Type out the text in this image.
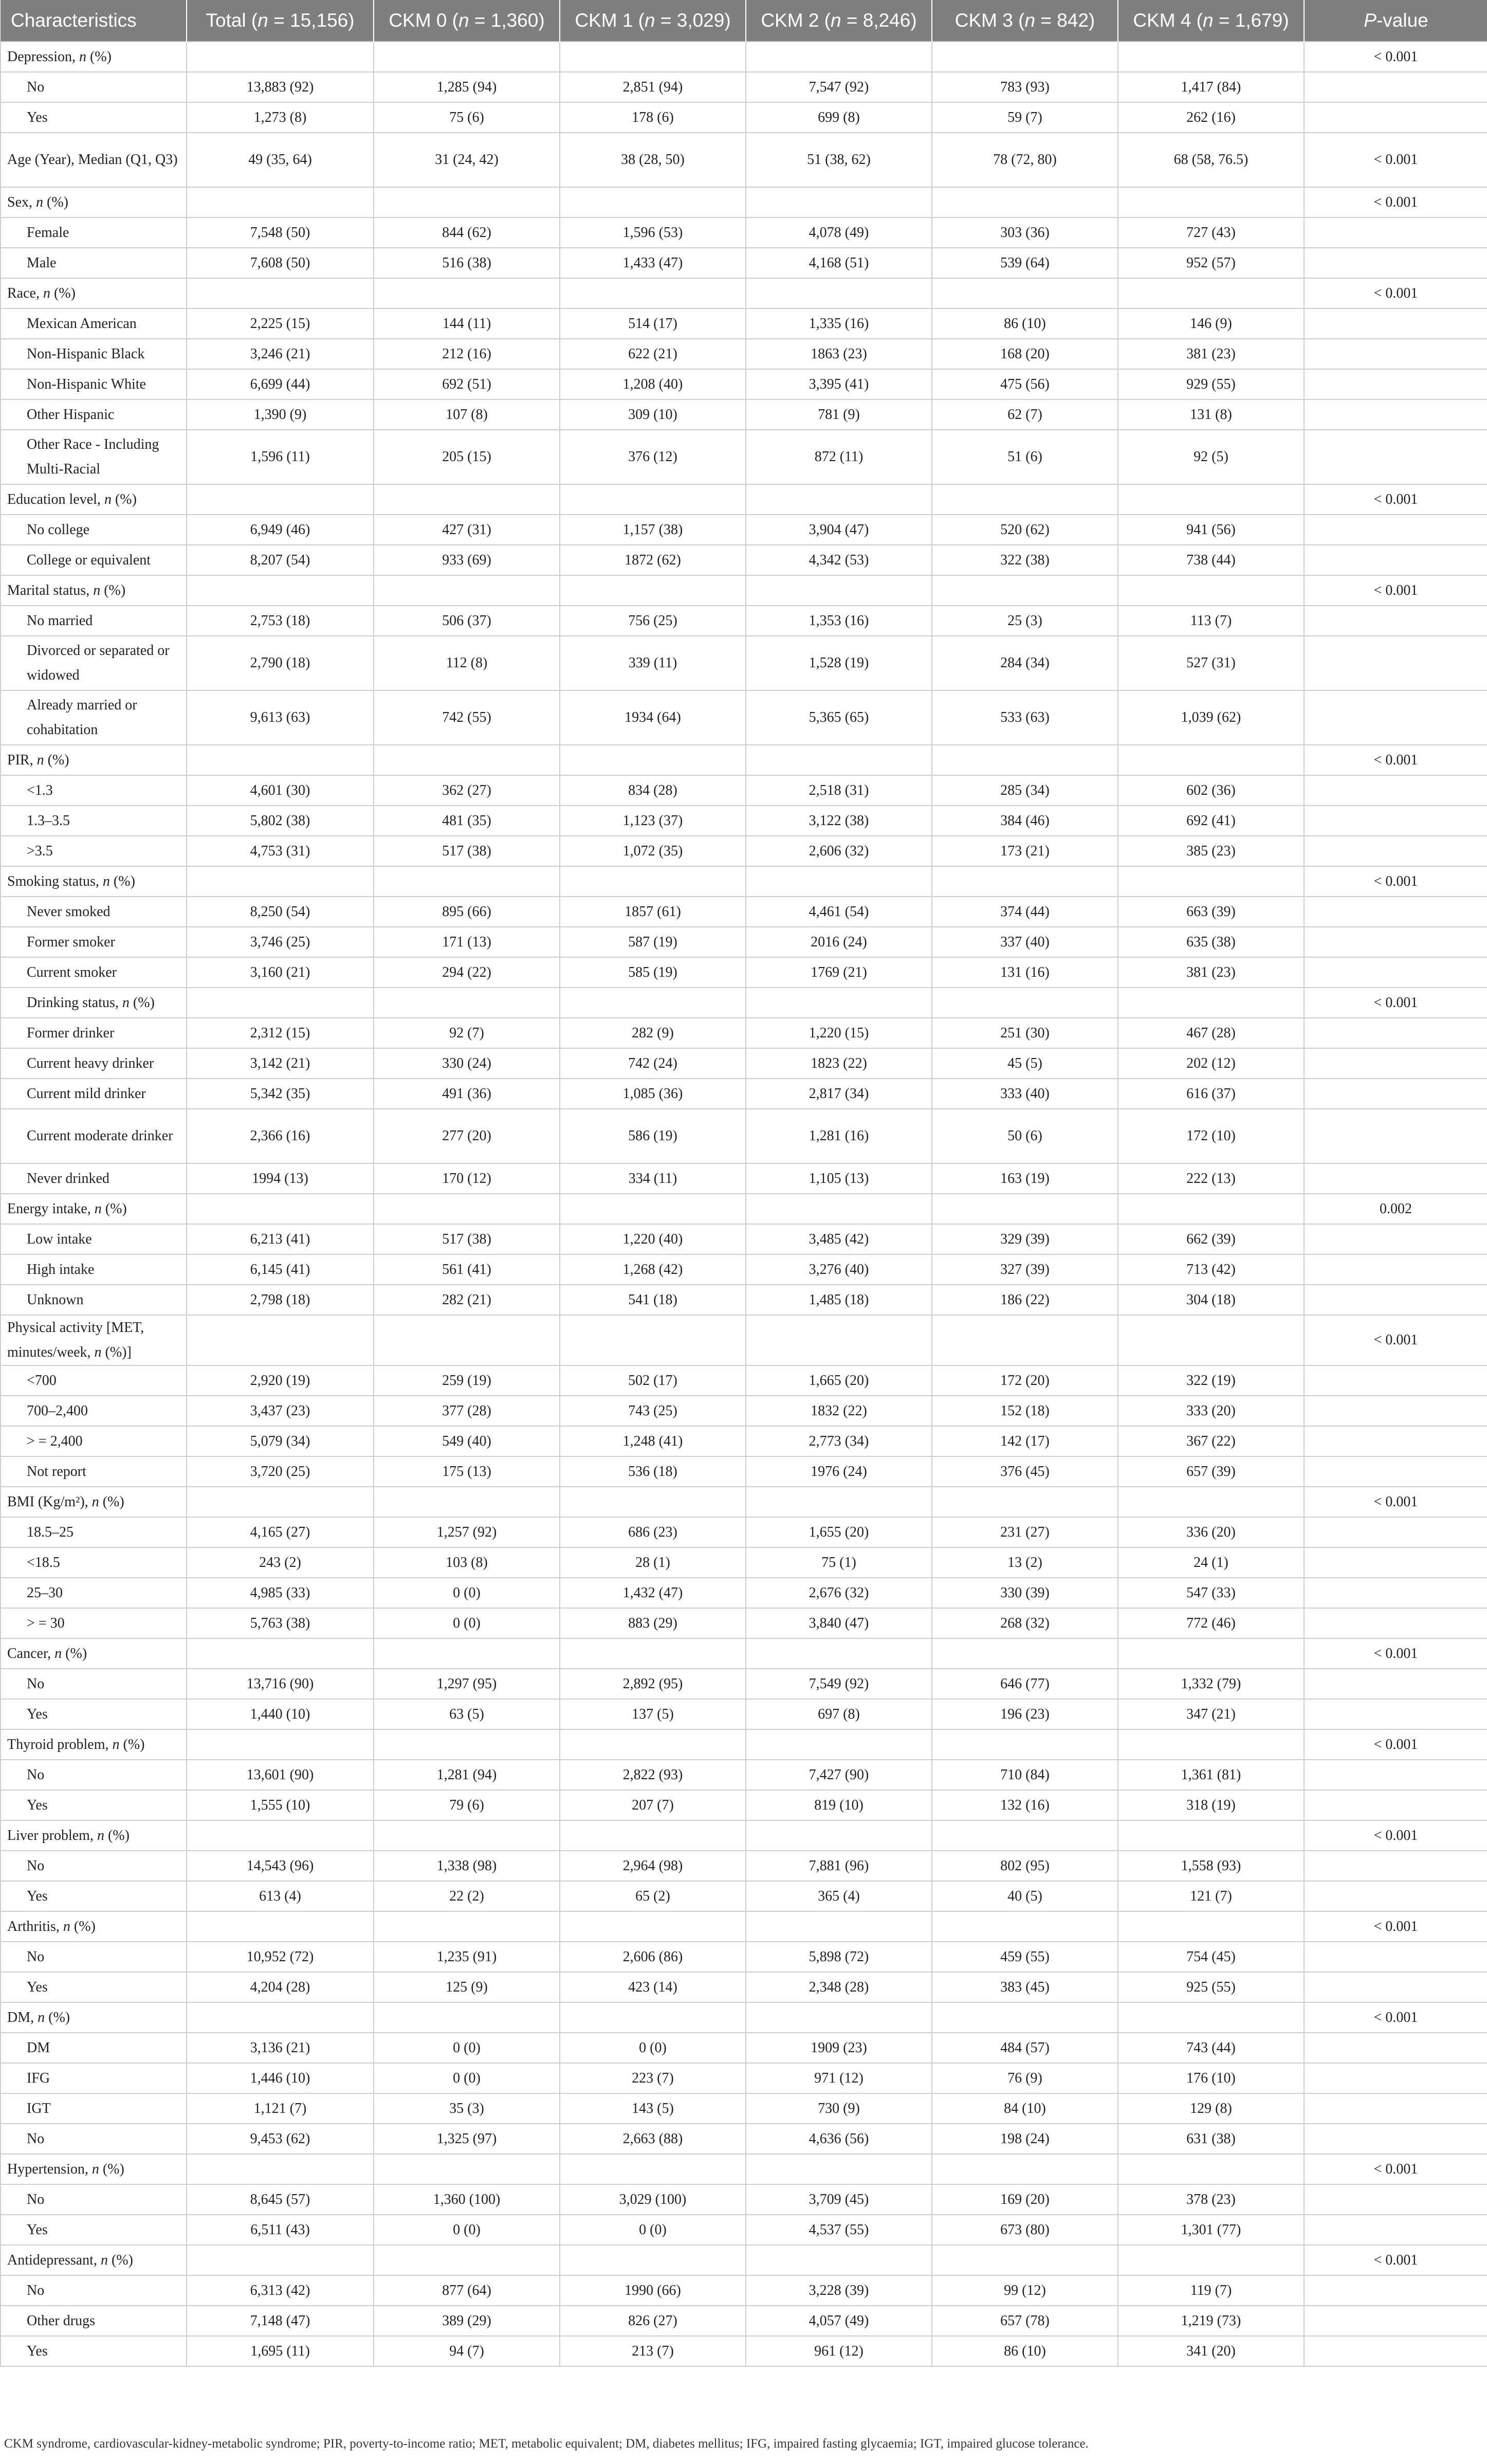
Characteristics	Total (n = 15,156)	CKM 0 (n = 1,360)	CKM 1 (n = 3,029)	CKM 2 (n = 8,246)	CKM 3 (n = 842)	CKM 4 (n = 1,679)	P-value
Depression, n (%)							< 0.001
No	13,883 (92)	1,285 (94)	2,851 (94)	7,547 (92)	783 (93)	1,417 (84)	
Yes	1,273 (8)	75 (6)	178 (6)	699 (8)	59 (7)	262 (16)	
Age (Year), Median (Q1, Q3)	49 (35, 64)	31 (24, 42)	38 (28, 50)	51 (38, 62)	78 (72, 80)	68 (58, 76.5)	< 0.001
Sex, n (%)							< 0.001
Female	7,548 (50)	844 (62)	1,596 (53)	4,078 (49)	303 (36)	727 (43)	
Male	7,608 (50)	516 (38)	1,433 (47)	4,168 (51)	539 (64)	952 (57)	
Race, n (%)							< 0.001
Mexican American	2,225 (15)	144 (11)	514 (17)	1,335 (16)	86 (10)	146 (9)	
Non-Hispanic Black	3,246 (21)	212 (16)	622 (21)	1863 (23)	168 (20)	381 (23)	
Non-Hispanic White	6,699 (44)	692 (51)	1,208 (40)	3,395 (41)	475 (56)	929 (55)	
Other Hispanic	1,390 (9)	107 (8)	309 (10)	781 (9)	62 (7)	131 (8)	
Other Race - Including Multi-Racial	1,596 (11)	205 (15)	376 (12)	872 (11)	51 (6)	92 (5)	
Education level, n (%)							< 0.001
No college	6,949 (46)	427 (31)	1,157 (38)	3,904 (47)	520 (62)	941 (56)	
College or equivalent	8,207 (54)	933 (69)	1872 (62)	4,342 (53)	322 (38)	738 (44)	
Marital status, n (%)							< 0.001
No married	2,753 (18)	506 (37)	756 (25)	1,353 (16)	25 (3)	113 (7)	
Divorced or separated or widowed	2,790 (18)	112 (8)	339 (11)	1,528 (19)	284 (34)	527 (31)	
Already married or cohabitation	9,613 (63)	742 (55)	1934 (64)	5,365 (65)	533 (63)	1,039 (62)	
PIR, n (%)							< 0.001
<1.3	4,601 (30)	362 (27)	834 (28)	2,518 (31)	285 (34)	602 (36)	
1.3–3.5	5,802 (38)	481 (35)	1,123 (37)	3,122 (38)	384 (46)	692 (41)	
>3.5	4,753 (31)	517 (38)	1,072 (35)	2,606 (32)	173 (21)	385 (23)	
Smoking status, n (%)							< 0.001
Never smoked	8,250 (54)	895 (66)	1857 (61)	4,461 (54)	374 (44)	663 (39)	
Former smoker	3,746 (25)	171 (13)	587 (19)	2016 (24)	337 (40)	635 (38)	
Current smoker	3,160 (21)	294 (22)	585 (19)	1769 (21)	131 (16)	381 (23)	
Drinking status, n (%)							< 0.001
Former drinker	2,312 (15)	92 (7)	282 (9)	1,220 (15)	251 (30)	467 (28)	
Current heavy drinker	3,142 (21)	330 (24)	742 (24)	1823 (22)	45 (5)	202 (12)	
Current mild drinker	5,342 (35)	491 (36)	1,085 (36)	2,817 (34)	333 (40)	616 (37)	
Current moderate drinker	2,366 (16)	277 (20)	586 (19)	1,281 (16)	50 (6)	172 (10)	
Never drinked	1994 (13)	170 (12)	334 (11)	1,105 (13)	163 (19)	222 (13)	
Energy intake, n (%)							0.002
Low intake	6,213 (41)	517 (38)	1,220 (40)	3,485 (42)	329 (39)	662 (39)	
High intake	6,145 (41)	561 (41)	1,268 (42)	3,276 (40)	327 (39)	713 (42)	
Unknown	2,798 (18)	282 (21)	541 (18)	1,485 (18)	186 (22)	304 (18)	
Physical activity [MET, minutes/week, n (%)]							< 0.001
<700	2,920 (19)	259 (19)	502 (17)	1,665 (20)	172 (20)	322 (19)	
700–2,400	3,437 (23)	377 (28)	743 (25)	1832 (22)	152 (18)	333 (20)	
> = 2,400	5,079 (34)	549 (40)	1,248 (41)	2,773 (34)	142 (17)	367 (22)	
Not report	3,720 (25)	175 (13)	536 (18)	1976 (24)	376 (45)	657 (39)	
BMI (Kg/m²), n (%)							< 0.001
18.5–25	4,165 (27)	1,257 (92)	686 (23)	1,655 (20)	231 (27)	336 (20)	
<18.5	243 (2)	103 (8)	28 (1)	75 (1)	13 (2)	24 (1)	
25–30	4,985 (33)	0 (0)	1,432 (47)	2,676 (32)	330 (39)	547 (33)	
> = 30	5,763 (38)	0 (0)	883 (29)	3,840 (47)	268 (32)	772 (46)	
Cancer, n (%)							< 0.001
No	13,716 (90)	1,297 (95)	2,892 (95)	7,549 (92)	646 (77)	1,332 (79)	
Yes	1,440 (10)	63 (5)	137 (5)	697 (8)	196 (23)	347 (21)	
Thyroid problem, n (%)							< 0.001
No	13,601 (90)	1,281 (94)	2,822 (93)	7,427 (90)	710 (84)	1,361 (81)	
Yes	1,555 (10)	79 (6)	207 (7)	819 (10)	132 (16)	318 (19)	
Liver problem, n (%)							< 0.001
No	14,543 (96)	1,338 (98)	2,964 (98)	7,881 (96)	802 (95)	1,558 (93)	
Yes	613 (4)	22 (2)	65 (2)	365 (4)	40 (5)	121 (7)	
Arthritis, n (%)							< 0.001
No	10,952 (72)	1,235 (91)	2,606 (86)	5,898 (72)	459 (55)	754 (45)	
Yes	4,204 (28)	125 (9)	423 (14)	2,348 (28)	383 (45)	925 (55)	
DM, n (%)							< 0.001
DM	3,136 (21)	0 (0)	0 (0)	1909 (23)	484 (57)	743 (44)	
IFG	1,446 (10)	0 (0)	223 (7)	971 (12)	76 (9)	176 (10)	
IGT	1,121 (7)	35 (3)	143 (5)	730 (9)	84 (10)	129 (8)	
No	9,453 (62)	1,325 (97)	2,663 (88)	4,636 (56)	198 (24)	631 (38)	
Hypertension, n (%)							< 0.001
No	8,645 (57)	1,360 (100)	3,029 (100)	3,709 (45)	169 (20)	378 (23)	
Yes	6,511 (43)	0 (0)	0 (0)	4,537 (55)	673 (80)	1,301 (77)	
Antidepressant, n (%)							< 0.001
No	6,313 (42)	877 (64)	1990 (66)	3,228 (39)	99 (12)	119 (7)	
Other drugs	7,148 (47)	389 (29)	826 (27)	4,057 (49)	657 (78)	1,219 (73)	
Yes	1,695 (11)	94 (7)	213 (7)	961 (12)	86 (10)	341 (20)	
CKM syndrome, cardiovascular-kidney-metabolic syndrome; PIR, poverty-to-income ratio; MET, metabolic equivalent; DM, diabetes mellitus; IFG, impaired fasting glycaemia; IGT, impaired glucose tolerance.
